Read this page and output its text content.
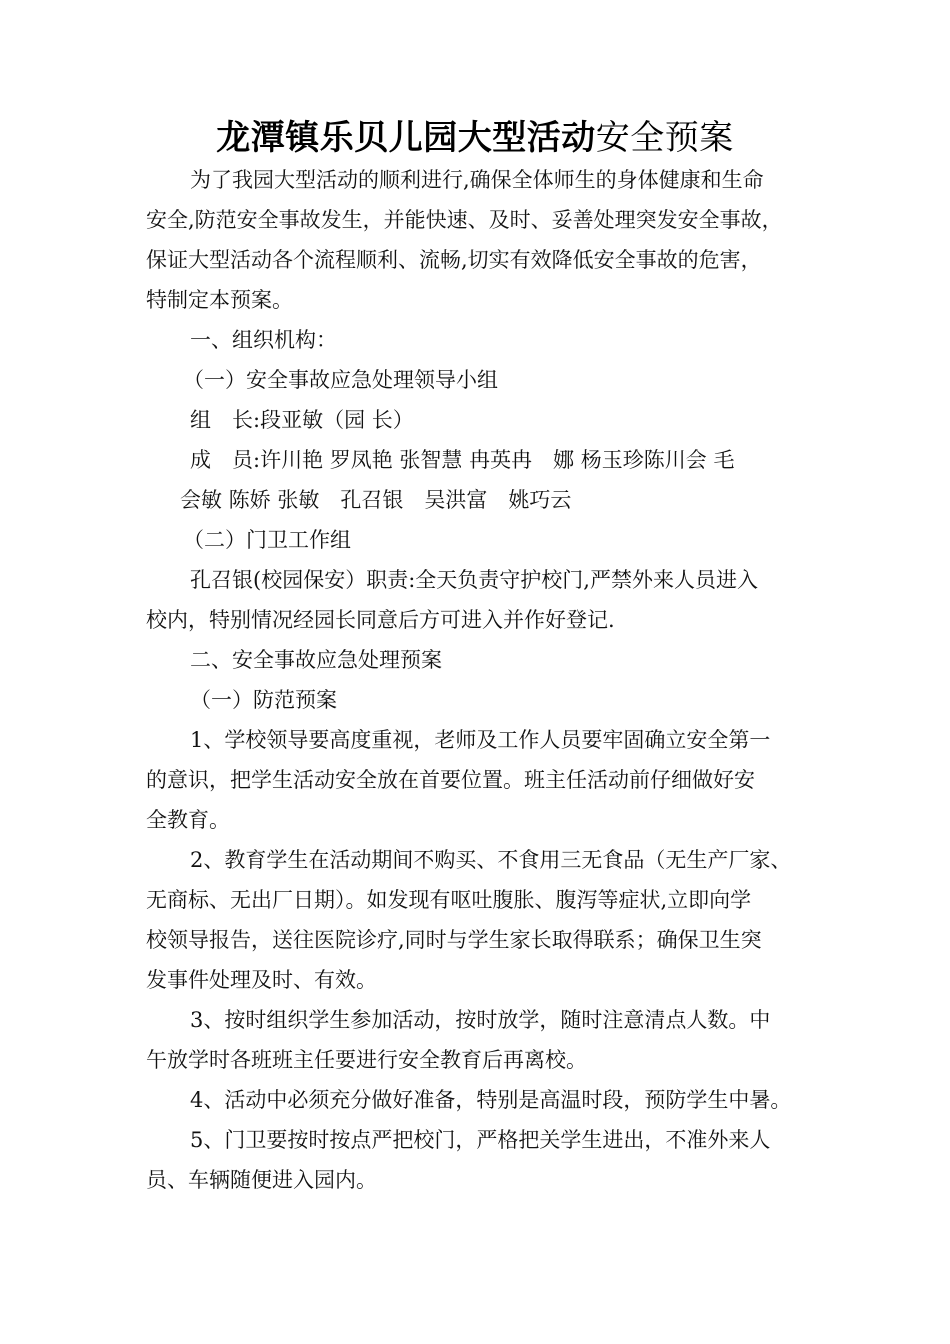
龙潭镇乐贝儿园大型活动安全预案
为了我园大型活动的顺利进行,确保全体师生的身体健康和生命
安全,防范安全事故发生，并能快速、及时、妥善处理突发安全事故，
保证大型活动各个流程顺利、流畅,切实有效降低安全事故的危害，
特制定本预案。
一、组织机构：
（一）安全事故应急处理领导小组
组　长:段亚敏（园 长）
成　员:许川艳 罗凤艳 张智慧 冉英冉　娜 杨玉珍陈川会 毛
会敏 陈娇 张敏　孔召银　吴洪富　姚巧云
（二）门卫工作组
孔召银(校园保安）职责:全天负责守护校门,严禁外来人员进入
校内，特别情况经园长同意后方可进入并作好登记.
二、安全事故应急处理预案
（一）防范预案
1、学校领导要高度重视，老师及工作人员要牢固确立安全第一
的意识，把学生活动安全放在首要位置。班主任活动前仔细做好安
全教育。
2、教育学生在活动期间不购买、不食用三无食品（无生产厂家、
无商标、无出厂日期）。如发现有呕吐腹胀、腹泻等症状,立即向学
校领导报告，送往医院诊疗,同时与学生家长取得联系；确保卫生突
发事件处理及时、有效。
3、按时组织学生参加活动，按时放学，随时注意清点人数。中
午放学时各班班主任要进行安全教育后再离校。
4、活动中必须充分做好准备，特别是高温时段，预防学生中暑。
5、门卫要按时按点严把校门，严格把关学生进出，不准外来人
员、车辆随便进入园内。
